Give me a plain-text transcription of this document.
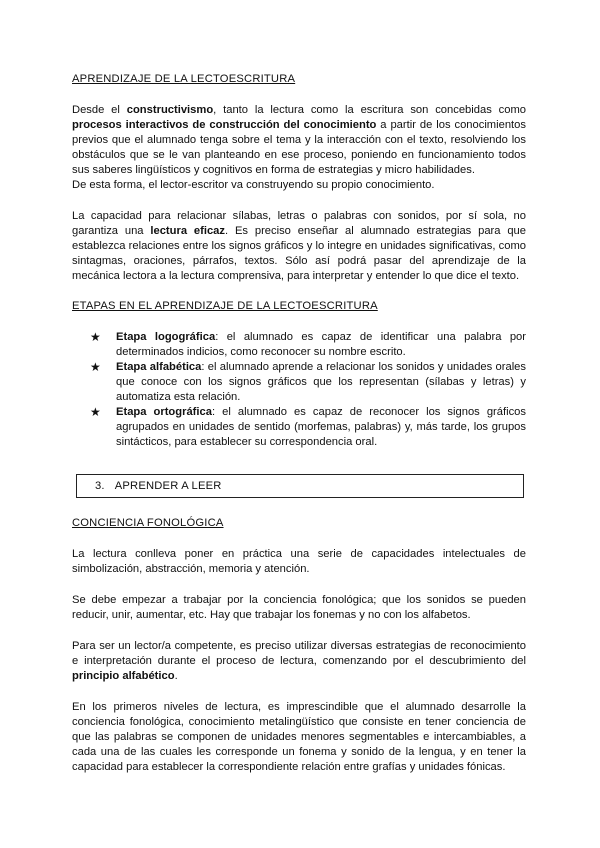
APRENDIZAJE DE LA LECTOESCRITURA

Desde el constructivismo, tanto la lectura como la escritura son concebidas como procesos interactivos de construcción del conocimiento a partir de los conocimientos previos que el alumnado tenga sobre el tema y la interacción con el texto, resolviendo los obstáculos que se le van planteando en ese proceso, poniendo en funcionamiento todos sus saberes lingüísticos y cognitivos en forma de estrategias y micro habilidades.

De esta forma, el lector-escritor va construyendo su propio conocimiento.

La capacidad para relacionar sílabas, letras o palabras con sonidos, por sí sola, no garantiza una lectura eficaz. Es preciso enseñar al alumnado estrategias para que establezca relaciones entre los signos gráficos y lo integre en unidades significativas, como sintagmas, oraciones, párrafos, textos. Sólo así podrá pasar del aprendizaje de la mecánica lectora a la lectura comprensiva, para interpretar y entender lo que dice el texto.

ETAPAS EN EL APRENDIZAJE DE LA LECTOESCRITURA
★ Etapa logográfica: el alumnado es capaz de identificar una palabra por determinados indicios, como reconocer su nombre escrito.
★ Etapa alfabética: el alumnado aprende a relacionar los sonidos y unidades orales que conoce con los signos gráficos que los representan (sílabas y letras) y automatiza esta relación.
★ Etapa ortográfica: el alumnado es capaz de reconocer los signos gráficos agrupados en unidades de sentido (morfemas, palabras) y, más tarde, los grupos sintácticos, para establecer su correspondencia oral.
3. APRENDER A LEER
CONCIENCIA FONOLÓGICA

La lectura conlleva poner en práctica una serie de capacidades intelectuales de simbolización, abstracción, memoria y atención.

Se debe empezar a trabajar por la conciencia fonológica; que los sonidos se pueden reducir, unir, aumentar, etc. Hay que trabajar los fonemas y no con los alfabetos.

Para ser un lector/a competente, es preciso utilizar diversas estrategias de reconocimiento e interpretación durante el proceso de lectura, comenzando por el descubrimiento del principio alfabético.

En los primeros niveles de lectura, es imprescindible que el alumnado desarrolle la conciencia fonológica, conocimiento metalingüístico que consiste en tener conciencia de que las palabras se componen de unidades menores segmentables e intercambiables, a cada una de las cuales les corresponde un fonema y sonido de la lengua, y en tener la capacidad para establecer la correspondiente relación entre grafías y unidades fónicas.
